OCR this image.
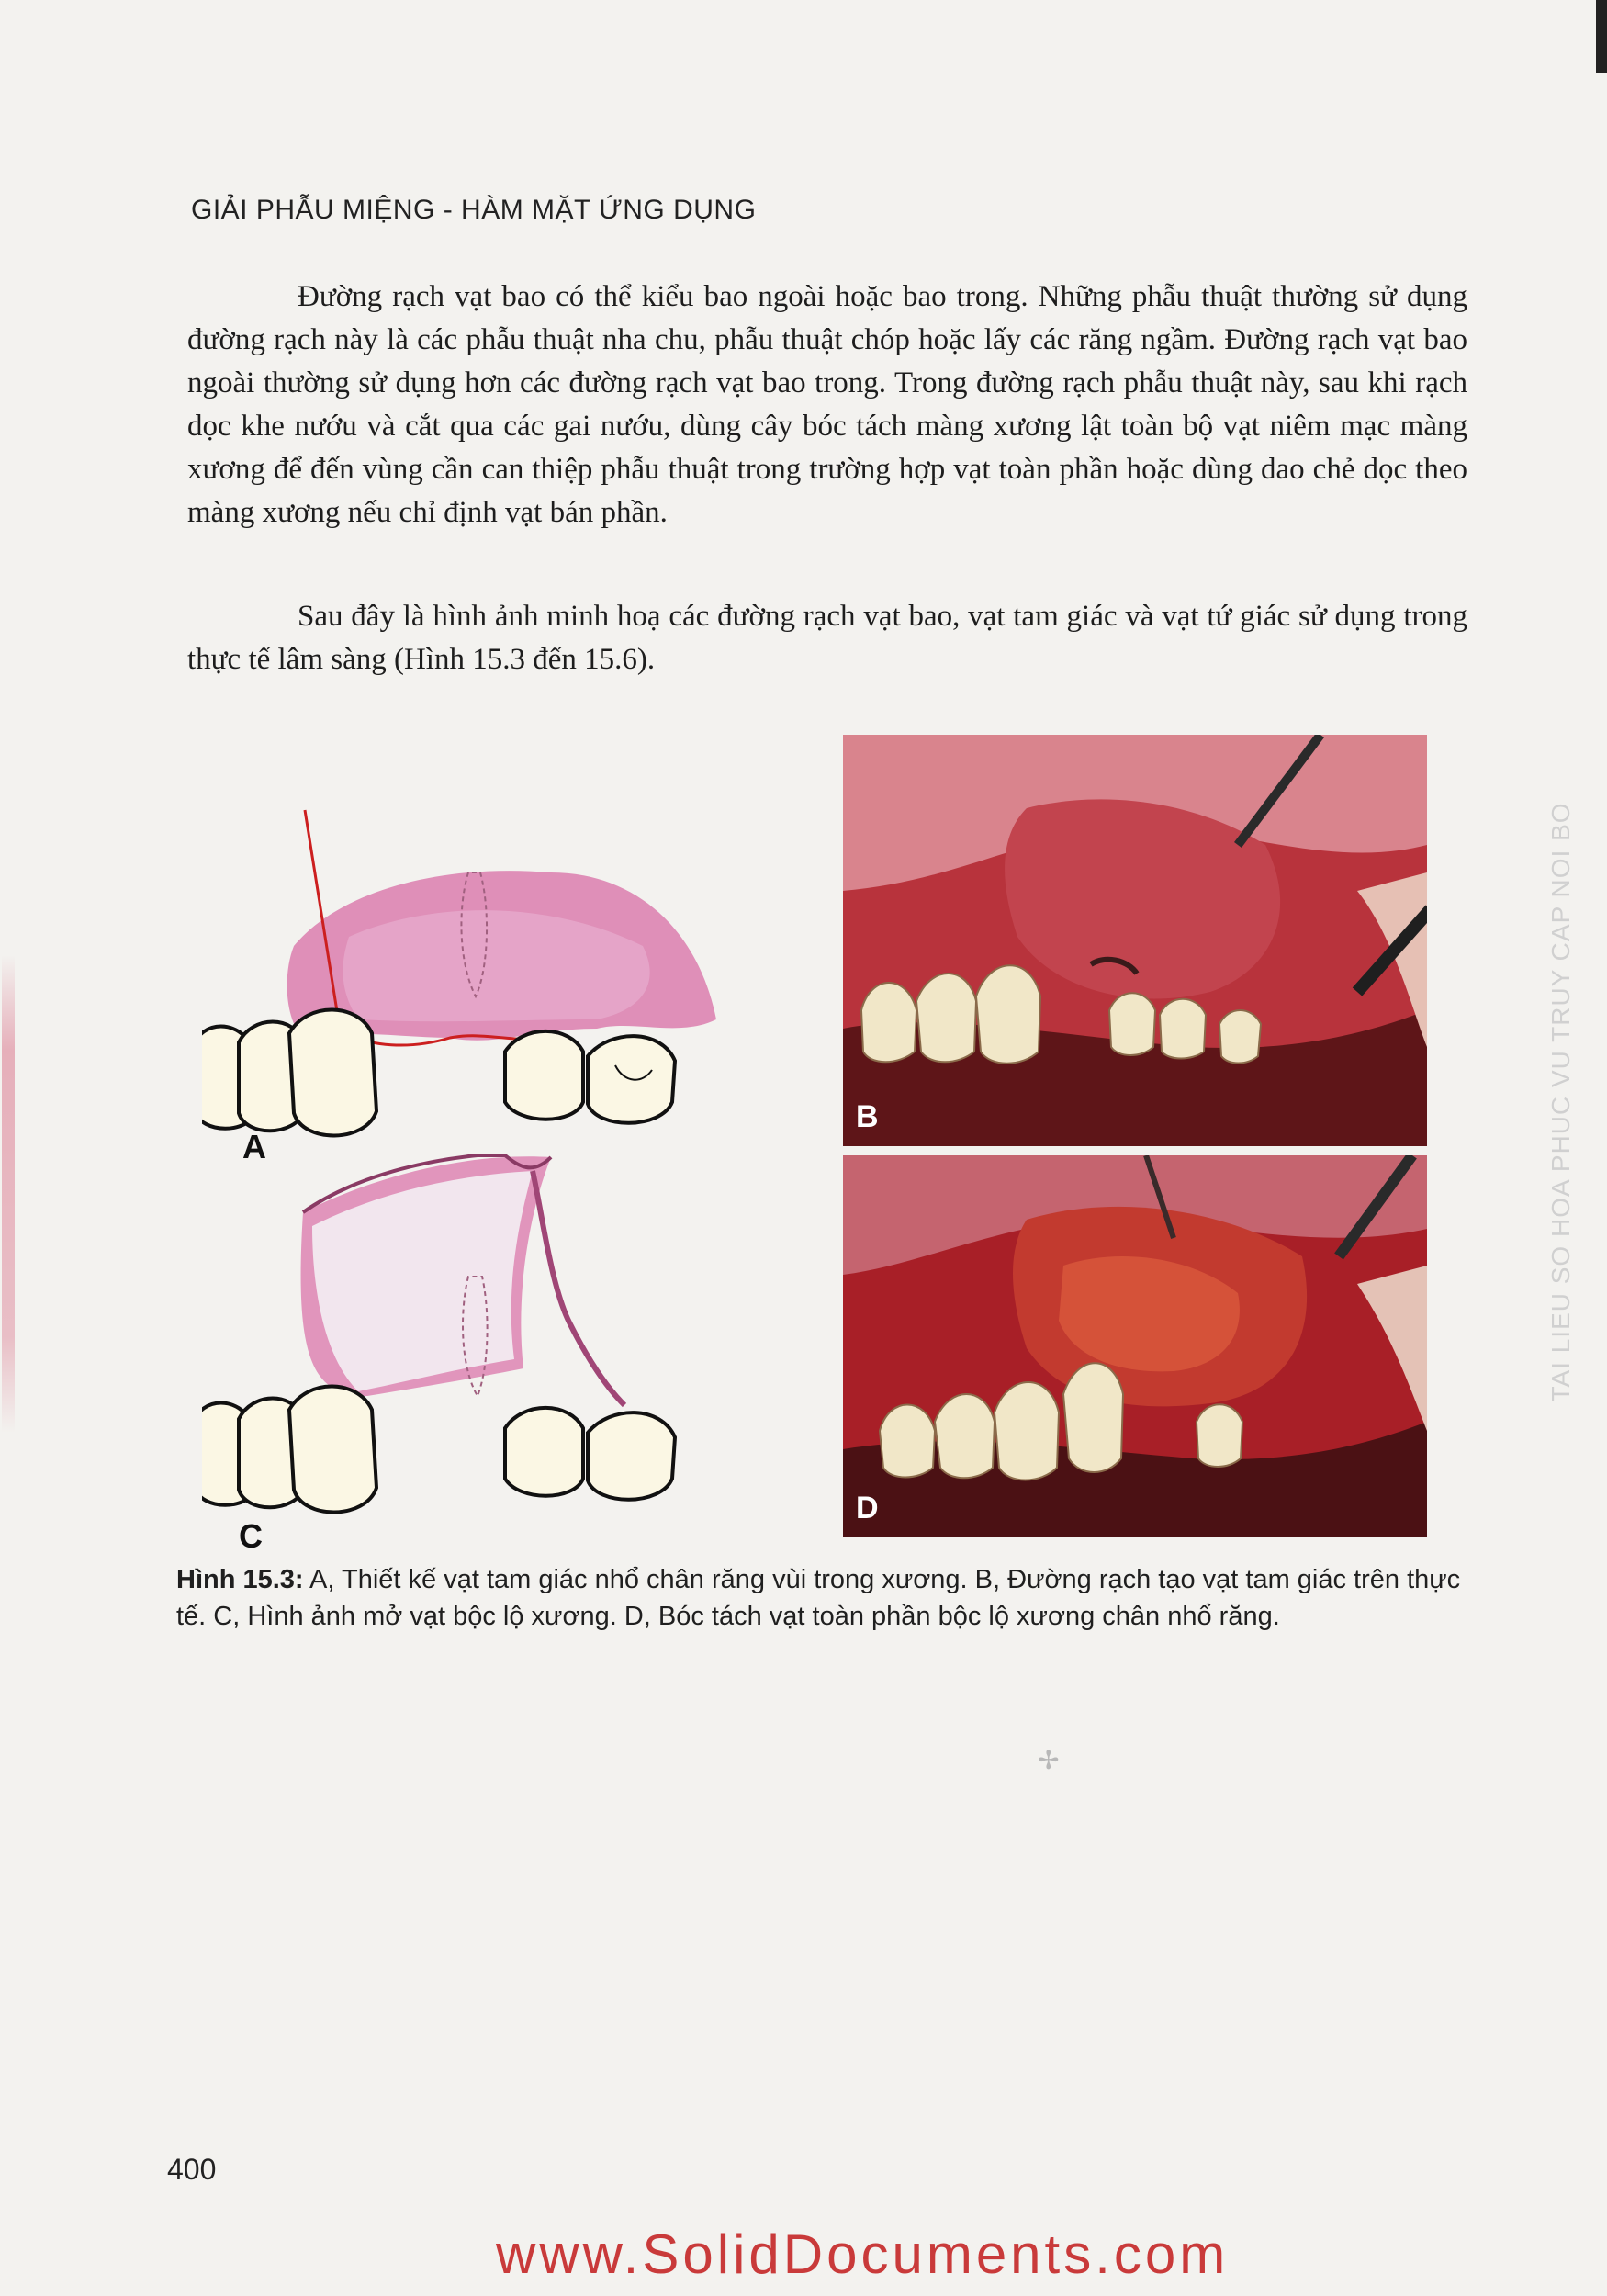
GIẢI PHẪU MIỆNG - HÀM MẶT ỨNG DỤNG

Đường rạch vạt bao có thể kiểu bao ngoài hoặc bao trong. Những phẫu thuật thường sử dụng đường rạch này là các phẫu thuật nha chu, phẫu thuật chóp hoặc lấy các răng ngầm. Đường rạch vạt bao ngoài thường sử dụng hơn các đường rạch vạt bao trong. Trong đường rạch phẫu thuật này, sau khi rạch dọc khe nướu và cắt qua các gai nướu, dùng cây bóc tách màng xương lật toàn bộ vạt niêm mạc màng xương để đến vùng cần can thiệp phẫu thuật trong trường hợp vạt toàn phần hoặc dùng dao chẻ dọc theo màng xương nếu chỉ định vạt bán phần.

Sau đây là hình ảnh minh hoạ các đường rạch vạt bao, vạt tam giác và vạt tứ giác sử dụng trong thực tế lâm sàng (Hình 15.3 đến 15.6).

A
C
B
D

Hình 15.3: A, Thiết kế vạt tam giác nhổ chân răng vùi trong xương. B, Đường rạch tạo vạt tam giác trên thực tế. C, Hình ảnh mở vạt bộc lộ xương. D, Bóc tách vạt toàn phần bộc lộ xương chân nhổ răng.

✢
TAI LIEU SO HOA PHUC VU TRUY CAP NOI BO
400
www.SolidDocuments.com
